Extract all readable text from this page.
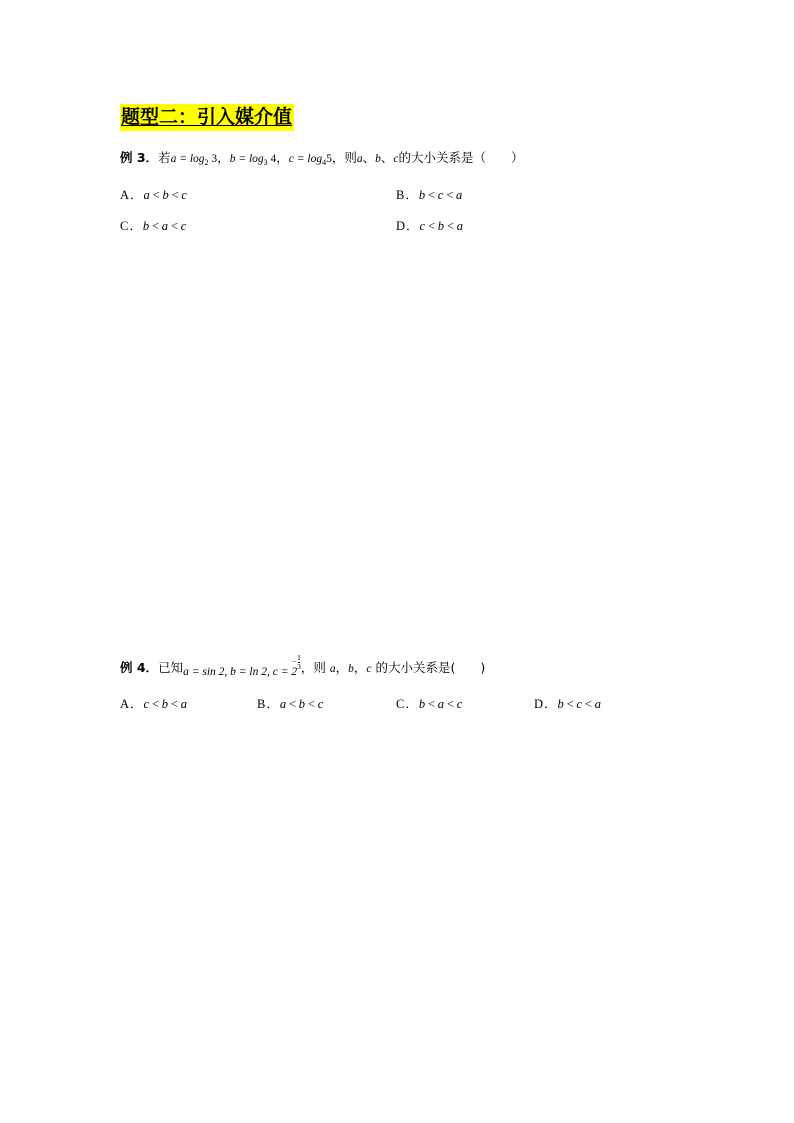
题型二：引入媒介值
例 3．若$a = \log_2 3$，$b = \log_3 4$，$c = \log_45$，则a、b、c的大小关系是（　　）
A．a < b < c	B．b < c < a
C．b < a < c	D．c < b < a
例 4．已知a = sin 2, b = ln 2, c = 2
− 1
3，则 a，b，c 的大小关系是(　　)
A．c < b < a	B．a < b < c	C．b < a < c	D．b < c < a
